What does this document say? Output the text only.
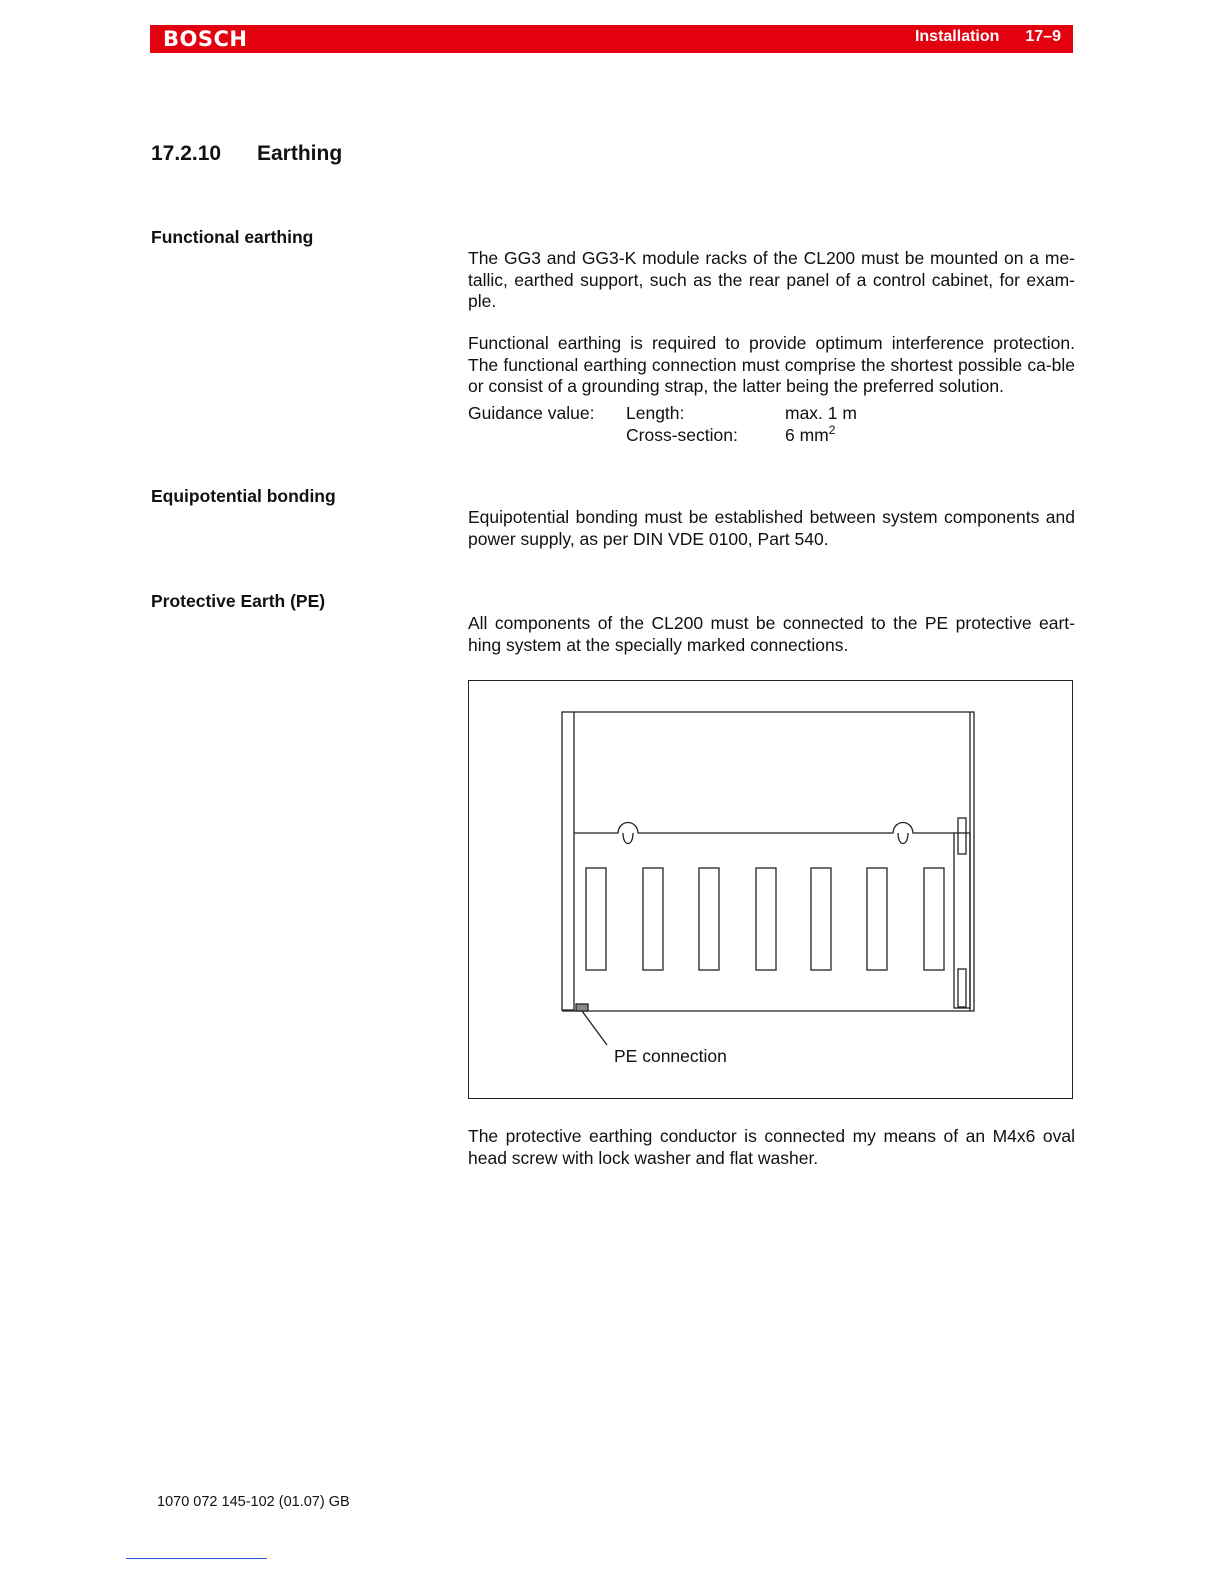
BOSCH	Installation 17–9
17.2.10 Earthing
Functional earthing

The GG3 and GG3-K module racks of the CL200 must be mounted on a me-tallic, earthed support, such as the rear panel of a control cabinet, for exam-ple.

Functional earthing is required to provide optimum interference protection. The functional earthing connection must comprise the shortest possible ca-ble or consist of a grounding strap, the latter being the preferred solution.

Guidance value: Length:	max. 1 m
Cross-section:	6 $mm^2$
Equipotential bonding

Equipotential bonding must be established between system components and power supply, as per DIN VDE 0100, Part 540.

Protective Earth (PE)

All components of the CL200 must be connected to the PE protective eart-hing system at the specially marked connections.

PE connection

The protective earthing conductor is connected my means of an M4x6 oval head screw with lock washer and flat washer.

1070 072 145-102 (01.07) GB
